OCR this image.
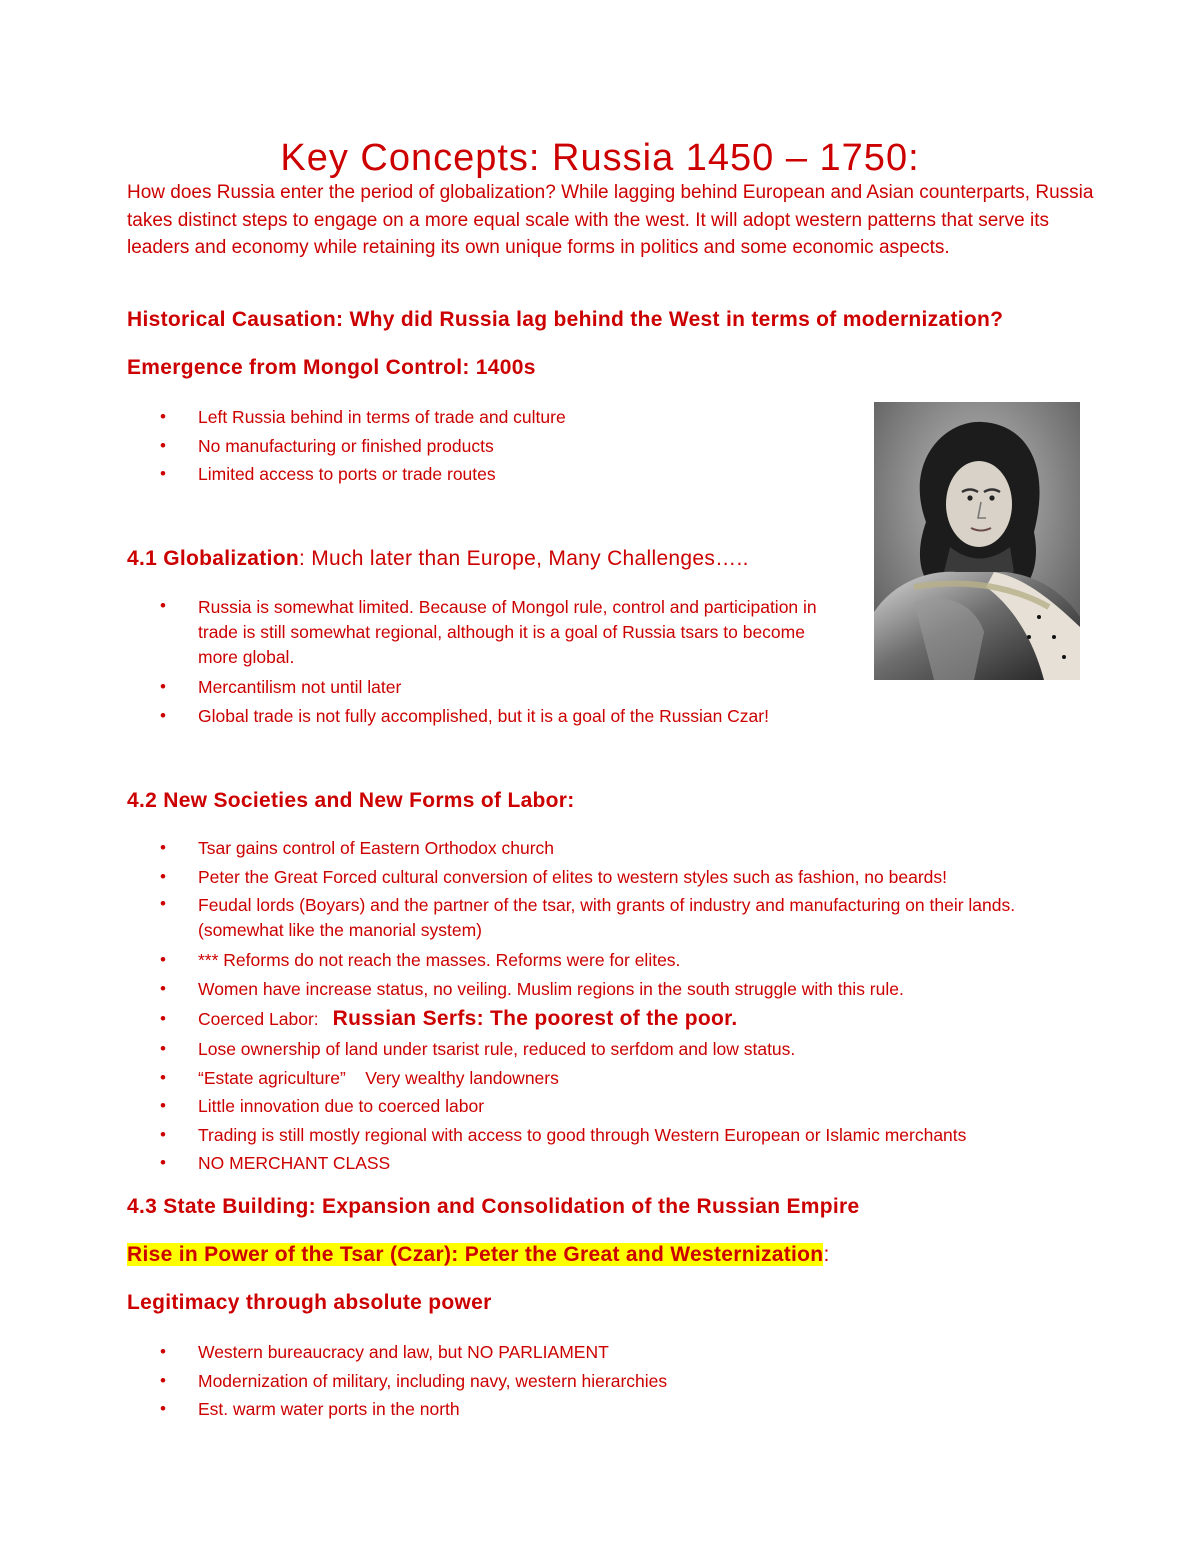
Key Concepts: Russia 1450 – 1750:

How does Russia enter the period of globalization? While lagging behind European and Asian counterparts, Russia takes distinct steps to engage on a more equal scale with the west. It will adopt western patterns that serve its leaders and economy while retaining its own unique forms in politics and some economic aspects.

Historical Causation: Why did Russia lag behind the West in terms of modernization?
Emergence from Mongol Control: 1400s
• Left Russia behind in terms of trade and culture
• No manufacturing or finished products
• Limited access to ports or trade routes
4.1 Globalization: Much later than Europe, Many Challenges…..
• Russia is somewhat limited. Because of Mongol rule, control and participation in trade is still somewhat regional, although it is a goal of Russia tsars to become more global.
• Mercantilism not until later
• Global trade is not fully accomplished, but it is a goal of the Russian Czar!
4.2 New Societies and New Forms of Labor:
• Tsar gains control of Eastern Orthodox church
• Peter the Great Forced cultural conversion of elites to western styles such as fashion, no beards!
• Feudal lords (Boyars) and the partner of the tsar, with grants of industry and manufacturing on their lands. (somewhat like the manorial system)
• *** Reforms do not reach the masses. Reforms were for elites.
• Women have increase status, no veiling. Muslim regions in the south struggle with this rule.
• Coerced Labor: Russian Serfs: The poorest of the poor.
• Lose ownership of land under tsarist rule, reduced to serfdom and low status.
• “Estate agriculture”    Very wealthy landowners
• Little innovation due to coerced labor
• Trading is still mostly regional with access to good through Western European or Islamic merchants
• NO MERCHANT CLASS
4.3 State Building: Expansion and Consolidation of the Russian Empire
Rise in Power of the Tsar (Czar): Peter the Great and Westernization:
Legitimacy through absolute power
• Western bureaucracy and law, but NO PARLIAMENT
• Modernization of military, including navy, western hierarchies
• Est. warm water ports in the north
